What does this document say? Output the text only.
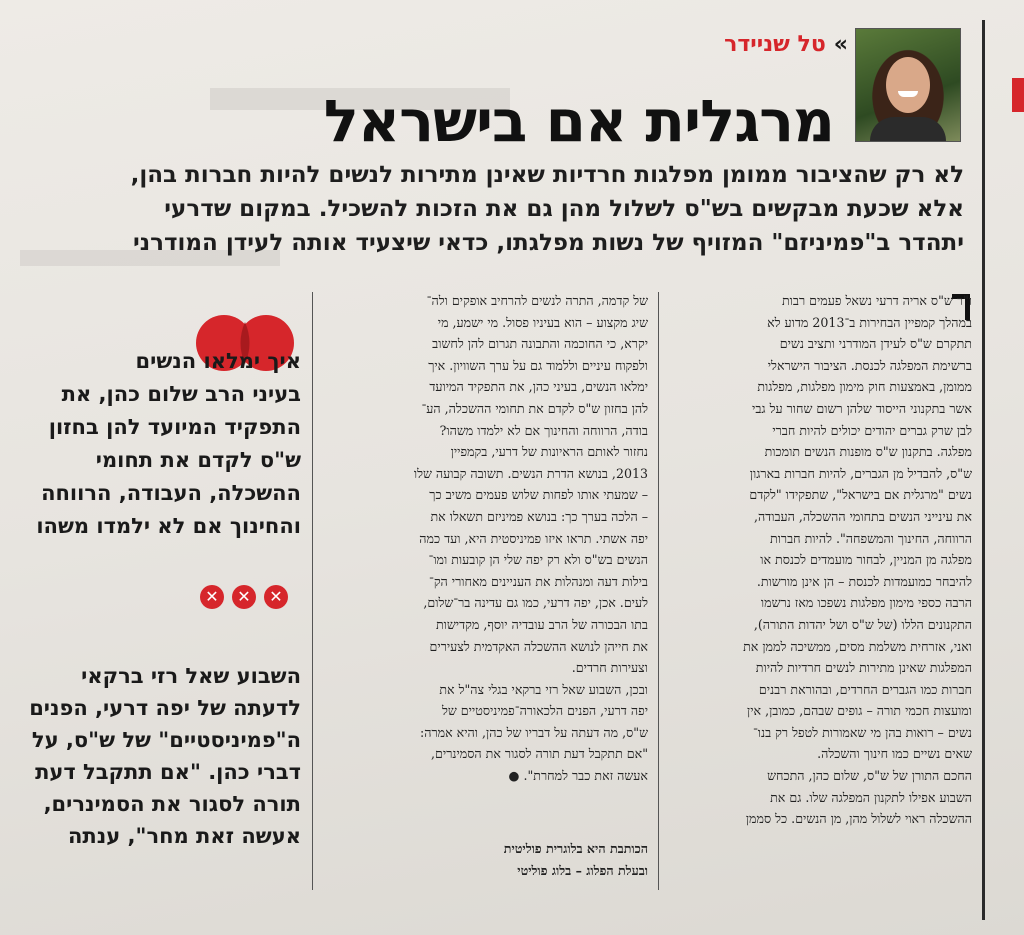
»
טל שניידר
מרגלית אם בישראל
לא רק שהציבור ממומן מפלגות חרדיות שאינן מתירות לנשים להיות חברות בהן,
אלא שכעת מבקשים בש"ס לשלול מהן גם את הזכות להשכיל. במקום שדרעי
יתהדר ב"פמיניזם" המזויף של נשות מפלגתו, כדאי שיצעיד אותה לעידן המודרני
ו"ר ש"ס אריה דרעי נשאל פעמים רבות
במהלך קמפיין הבחירות ב־2013 מדוע לא
תתקרם ש"ס לעידן המודרני ותציב נשים
ברשימת המפלגה לכנסת. הציבור הישראלי
ממומן, באמצעות חוק מימון מפלגות, מפלגות
אשר בתקנוני הייסוד שלהן רשום שחור על גבי
לבן שרק גברים יהודים יכולים להיות חברי
מפלגה. בתקנון ש"ס מופנות הנשים תומכות
ש"ס, להבדיל מן הגברים, להיות חברות בארגון
נשים "מרגלית אם בישראל", שתפקידו "לקדם
את עינייני הנשים בתחומי ההשכלה, העבודה,
הרווחה, החינוך והמשפחה". להיות חברות
מפלגה מן המניין, לבחור מועמדים לכנסת או
להיבחר כמועמדות לכנסת – הן אינן מורשות.
הרבה כספי מימון מפלגות נשפכו מאז נרשמו
התקנונים הללו (של ש"ס ושל יהדות התורה),
ואני, אזרחית משלמת מסים, ממשיכה לממן את
המפלגות שאינן מתירות לנשים חרדיות להיות
חברות כמו הגברים החרדים, ובהוראת רבנים
ומועצות חכמי תורה – גופים שבהם, כמובן, אין
נשים – רואות בהן מי שאמורות לטפל רק בנו־
שאים נשיים כמו חינוך והשכלה.
החכם התורן של ש"ס, שלום כהן, התכחש
השבוע אפילו לתקנון המפלגה שלו. גם את
ההשכלה ראוי לשלול מהן, מן הנשים. כל סממן
של קדמה, התרה לנשים להרחיב אופקים ולה־
שיג מקצוע – הוא בעיניו פסול. מי ישמע, מי
יקרא, כי החוכמה והתבונה תגרום להן לחשוב
ולפקוח עיניים וללמוד גם על ערך השוויון. איך
ימלאו הנשים, בעיני כהן, את התפקיד המיועד
להן בחזון ש"ס לקדם את תחומי ההשכלה, הע־
בודה, הרווחה והחינוך אם לא ילמדו משהו?
נחזור לאותם הראיונות של דרעי, בקמפיין
2013, בנושא הדרת הנשים. תשובה קבועה שלו
– שמעתי אותו לפחות שלוש פעמים משיב כך
– הלכה בערך כך: בנושא פמיניזם תשאלו את
יפה אשתי. תראו איזו פמיניסטית היא, ועד כמה
הנשים בש"ס ולא רק יפה שלי הן קובעות ומו־
בילות דעה ומנהלות את העניינים מאחורי הק־
לעים. אכן, יפה דרעי, כמו גם עדינה בר־שלום,
בתו הבכורה של הרב עובדיה יוסף, מקדישות
את חייהן לנושא ההשכלה האקדמית לצעירים
וצעירות חרדים.
ובכן, השבוע שאל רזי ברקאי בגלי צה"ל את
יפה דרעי, הפנים הלכאורה־פמיניסטיים של
ש"ס, מה דעתה על דבריו של כהן, והיא אמרה:
"אם תתקבל דעת תורה לסגור את הסמינרים,
אעשה זאת כבר למחרת". ●
הכותבת היא בלוגרית פוליטית
ובעלת הפלוג – בלוג פוליטי
איך ימלאו הנשים
בעיני הרב שלום כהן, את
התפקיד המיועד להן בחזון
ש"ס לקדם את תחומי
ההשכלה, העבודה, הרווחה
והחינוך אם לא ילמדו משהו
✕	✕	✕
השבוע שאל רזי ברקאי
לדעתה של יפה דרעי, הפנים
ה"פמיניסטיים" של ש"ס, על
דברי כהן. "אם תתקבל דעת
תורה לסגור את הסמינרים,
אעשה זאת מחר", ענתה
